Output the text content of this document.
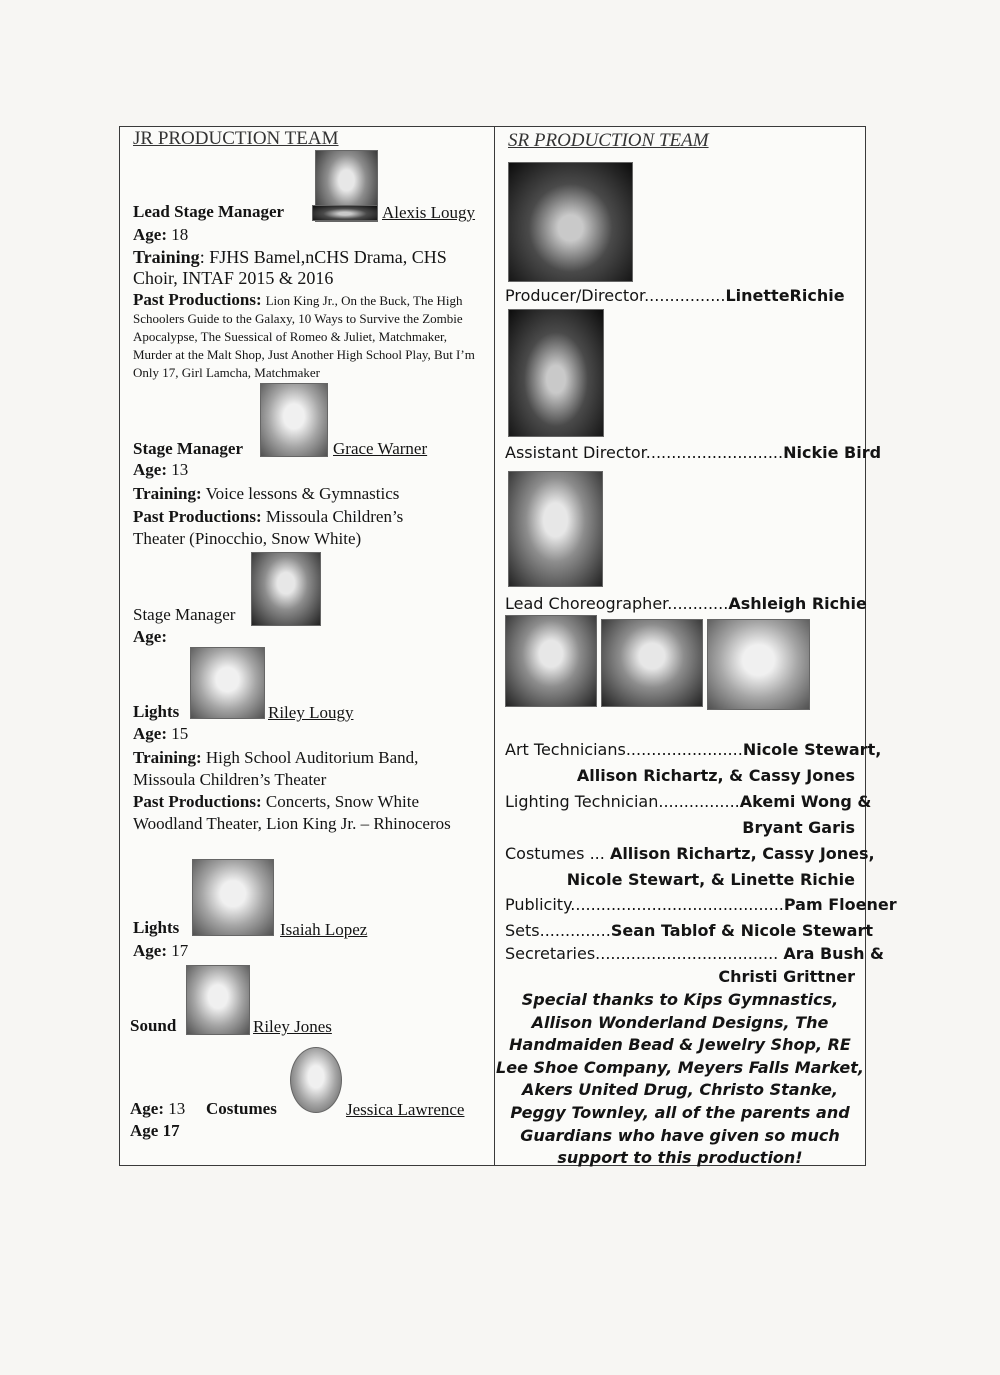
JR PRODUCTION TEAM
Lead Stage Manager	Alexis Lougy
Age: 18
Training: FJHS Bamel,nCHS Drama, CHS Choir, INTAF 2015 & 2016
Past Productions: Lion King Jr., On the Buck, The High Schoolers Guide to the Galaxy, 10 Ways to Survive the Zombie Apocalypse, The Suessical of Romeo & Juliet, Matchmaker, Murder at the Malt Shop, Just Another High School Play, But I’m Only 17, Girl Lamcha, Matchmaker
Stage Manager	Grace Warner
Age: 13
Training: Voice lessons & Gymnastics
Past Productions: Missoula Children’s Theater (Pinocchio, Snow White)
Stage Manager
Age:
Lights	Riley Lougy
Age: 15
Training: High School Auditorium Band, Missoula Children’s Theater
Past Productions: Concerts, Snow White Woodland Theater, Lion King Jr. – Rhinoceros
Lights	Isaiah Lopez
Age: 17
Sound	Riley Jones
Age: 13 Costumes	Jessica Lawrence
Age 17
SR PRODUCTION TEAM
Producer/Director................LinetteRichie
Assistant Director...........................Nickie Bird
Lead Choreographer............Ashleigh Richie
Art Technicians.......................Nicole Stewart,
Allison Richartz, & Cassy Jones
Lighting Technician................Akemi Wong &
Bryant Garis
Costumes ... Allison Richartz, Cassy Jones,
Nicole Stewart, & Linette Richie
Publicity..........................................Pam Floener
Sets..............Sean Tablof & Nicole Stewart
Secretaries.................................... Ara Bush &
Christi Grittner
Special thanks to Kips Gymnastics, Allison Wonderland Designs, The Handmaiden Bead & Jewelry Shop, RE Lee Shoe Company, Meyers Falls Market, Akers United Drug, Christo Stanke, Peggy Townley, all of the parents and Guardians who have given so much support to this production!
